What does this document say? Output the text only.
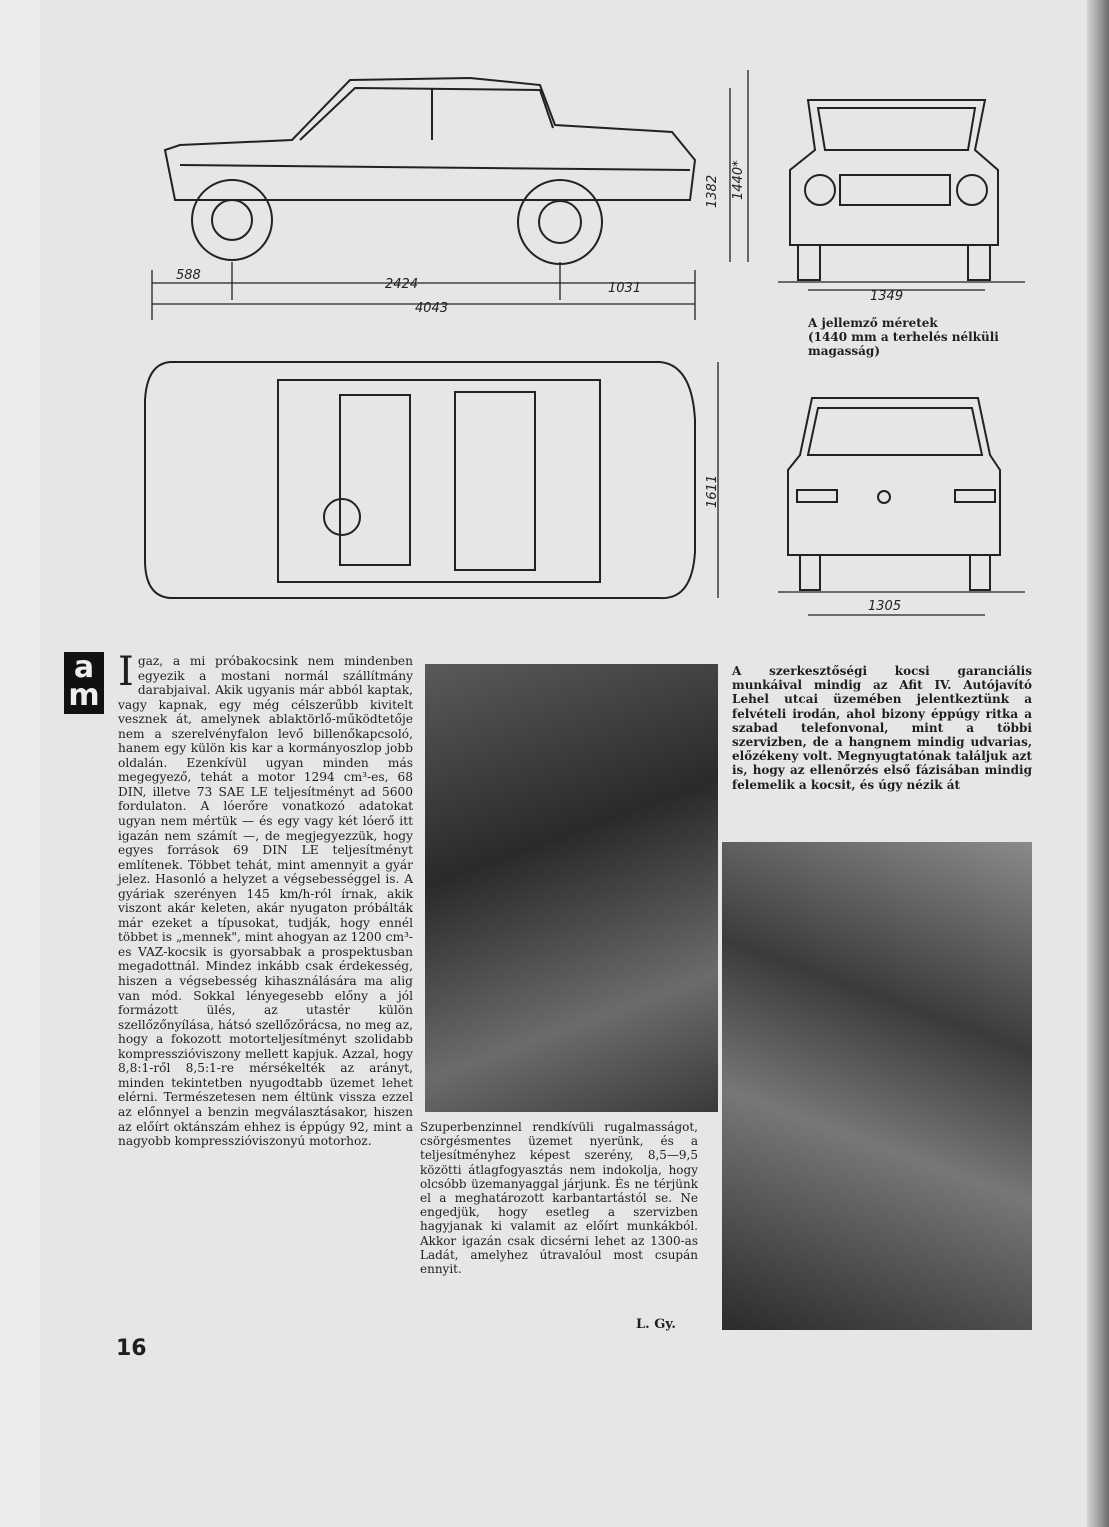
588
2424	1031
4043
1382 1440*
1349
A jellemző méretek
(1440 mm a terhelés nélküli
magasság)
1611
1305
a
m
I gaz, a mi próbakocsink nem mindenben egyezik a mostani normál szállítmány darabjaival. Akik ugyanis már abból kaptak, vagy kapnak, egy még célszerűbb kivitelt vesznek át, amelynek ablaktörlő-működtetője nem a szerelvényfalon levő billenőkapcsoló, hanem egy külön kis kar a kormányoszlop jobb oldalán. Ezenkívül ugyan minden más megegyező, tehát a motor 1294 cm³-es, 68 DIN, illetve 73 SAE LE teljesítményt ad 5600 fordulaton. A lóerőre vonatkozó adatokat ugyan nem mértük — és egy vagy két lóerő itt igazán nem számít —, de megjegyezzük, hogy egyes források 69 DIN LE teljesítményt említenek. Többet tehát, mint amennyit a gyár jelez. Hasonló a helyzet a végsebességgel is. A gyáriak szerényen 145 km/h-ról írnak, akik viszont akár keleten, akár nyugaton próbálták már ezeket a típusokat, tudják, hogy ennél többet is „mennek", mint ahogyan az 1200 cm³-es VAZ-kocsik is gyorsabbak a prospektusban megadottnál. Mindez inkább csak érdekesség, hiszen a végsebesség kihasználására ma alig van mód. Sokkal lényegesebb előny a jól formázott ülés, az utastér külön szellőzőnyílása, hátsó szellőzőrácsa, no meg az, hogy a fokozott motorteljesítményt szolidabb kompresszióviszony mellett kapjuk. Azzal, hogy 8,8:1-ről 8,5:1-re mérsékelték az arányt, minden tekintetben nyugodtabb üzemet lehet elérni. Természetesen nem éltünk vissza ezzel az előnnyel a benzin megválasztásakor, hiszen az előírt oktánszám ehhez is éppúgy 92, mint a nagyobb kompresszióviszonyú motorhoz.
Szuperbenzinnel rendkívüli rugalmasságot, csörgésmentes üzemet nyerünk, és a teljesítményhez képest szerény, 8,5—9,5 közötti átlagfogyasztás nem indokolja, hogy olcsóbb üzemanyaggal járjunk. És ne térjünk el a meghatározott karbantartástól se. Ne engedjük, hogy esetleg a szervizben hagyjanak ki valamit az előírt munkákból. Akkor igazán csak dicsérni lehet az 1300-as Ladát, amelyhez útravalóul most csupán ennyit.
L. Gy.
A szerkesztőségi kocsi garanciális munkáival mindig az Afit IV. Autójavító Lehel utcai üzemében jelentkeztünk a felvételi irodán, ahol bizony éppúgy ritka a szabad telefonvonal, mint a többi szervizben, de a hangnem mindig udvarias, előzékeny volt. Megnyugtatónak találjuk azt is, hogy az ellenőrzés első fázisában mindig felemelik a kocsit, és úgy nézik át
16
